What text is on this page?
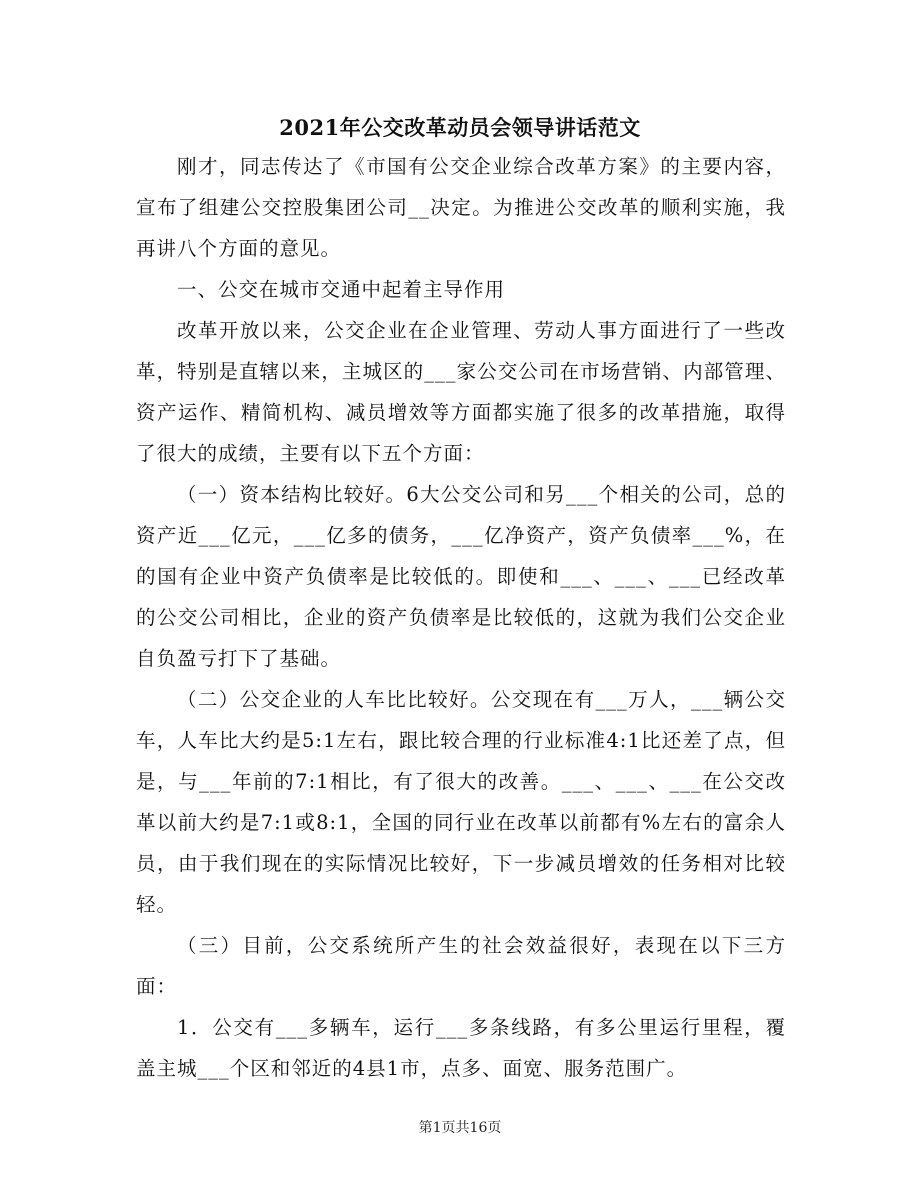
2021年公交改革动员会领导讲话范文

刚才，同志传达了《市国有公交企业综合改革方案》的主要内容，宣布了组建公交控股集团公司__决定。为推进公交改革的顺利实施，我再讲八个方面的意见。

一、公交在城市交通中起着主导作用

改革开放以来，公交企业在企业管理、劳动人事方面进行了一些改革，特别是直辖以来，主城区的___家公交公司在市场营销、内部管理、资产运作、精简机构、减员增效等方面都实施了很多的改革措施，取得了很大的成绩，主要有以下五个方面：

（一）资本结构比较好。6大公交公司和另___个相关的公司，总的资产近___亿元，___亿多的债务，___亿净资产，资产负债率___%，在的国有企业中资产负债率是比较低的。即使和___、___、___已经改革的公交公司相比，企业的资产负债率是比较低的，这就为我们公交企业自负盈亏打下了基础。

（二）公交企业的人车比比较好。公交现在有___万人，___辆公交车，人车比大约是5:1左右，跟比较合理的行业标准4:1比还差了点，但是，与___年前的7:1相比，有了很大的改善。___、___、___在公交改革以前大约是7:1或8:1，全国的同行业在改革以前都有%左右的富余人员，由于我们现在的实际情况比较好，下一步减员增效的任务相对比较轻。

（三）目前，公交系统所产生的社会效益很好，表现在以下三方面：

1．公交有___多辆车，运行___多条线路，有多公里运行里程，覆盖主城___个区和邻近的4县1市，点多、面宽、服务范围广。

第1页共16页
